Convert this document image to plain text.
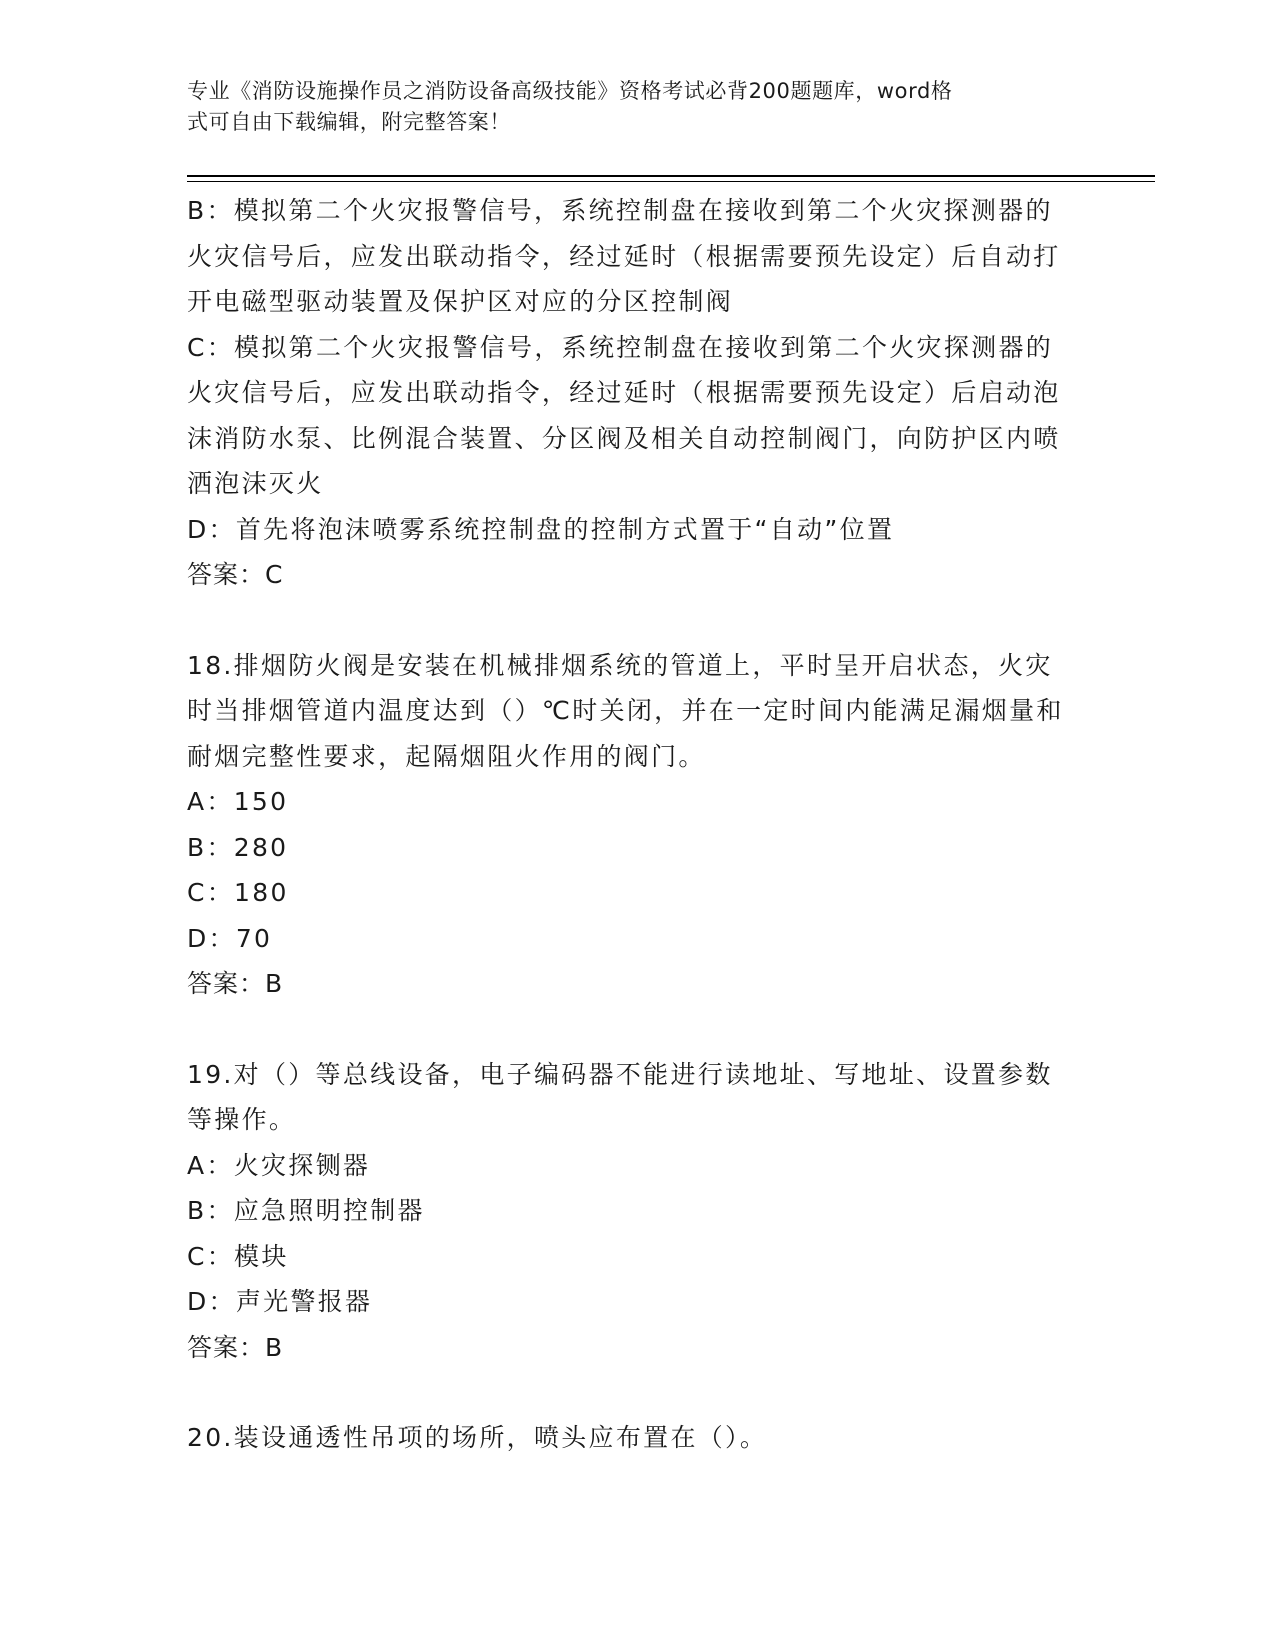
专业《消防设施操作员之消防设备高级技能》资格考试必背200题题库，word格
式可自由下载编辑，附完整答案！

B：模拟第二个火灾报警信号，系统控制盘在接收到第二个火灾探测器的火灾信号后，应发出联动指令，经过延时（根据需要预先设定）后自动打开电磁型驱动装置及保护区对应的分区控制阀

C：模拟第二个火灾报警信号，系统控制盘在接收到第二个火灾探测器的火灾信号后，应发出联动指令，经过延时（根据需要预先设定）后启动泡沫消防水泵、比例混合装置、分区阀及相关自动控制阀门，向防护区内喷洒泡沫灭火

D：首先将泡沫喷雾系统控制盘的控制方式置于“自动”位置

答案：C

18.排烟防火阀是安装在机械排烟系统的管道上，平时呈开启状态，火灾时当排烟管道内温度达到（）℃时关闭，并在一定时间内能满足漏烟量和耐烟完整性要求，起隔烟阻火作用的阀门。

A：150

B：280

C：180

D：70

答案：B

19.对（）等总线设备，电子编码器不能进行读地址、写地址、设置参数等操作。

A：火灾探铡器

B：应急照明控制器

C：模块

D：声光警报器

答案：B

20.装设通透性吊项的场所，喷头应布置在（）。
